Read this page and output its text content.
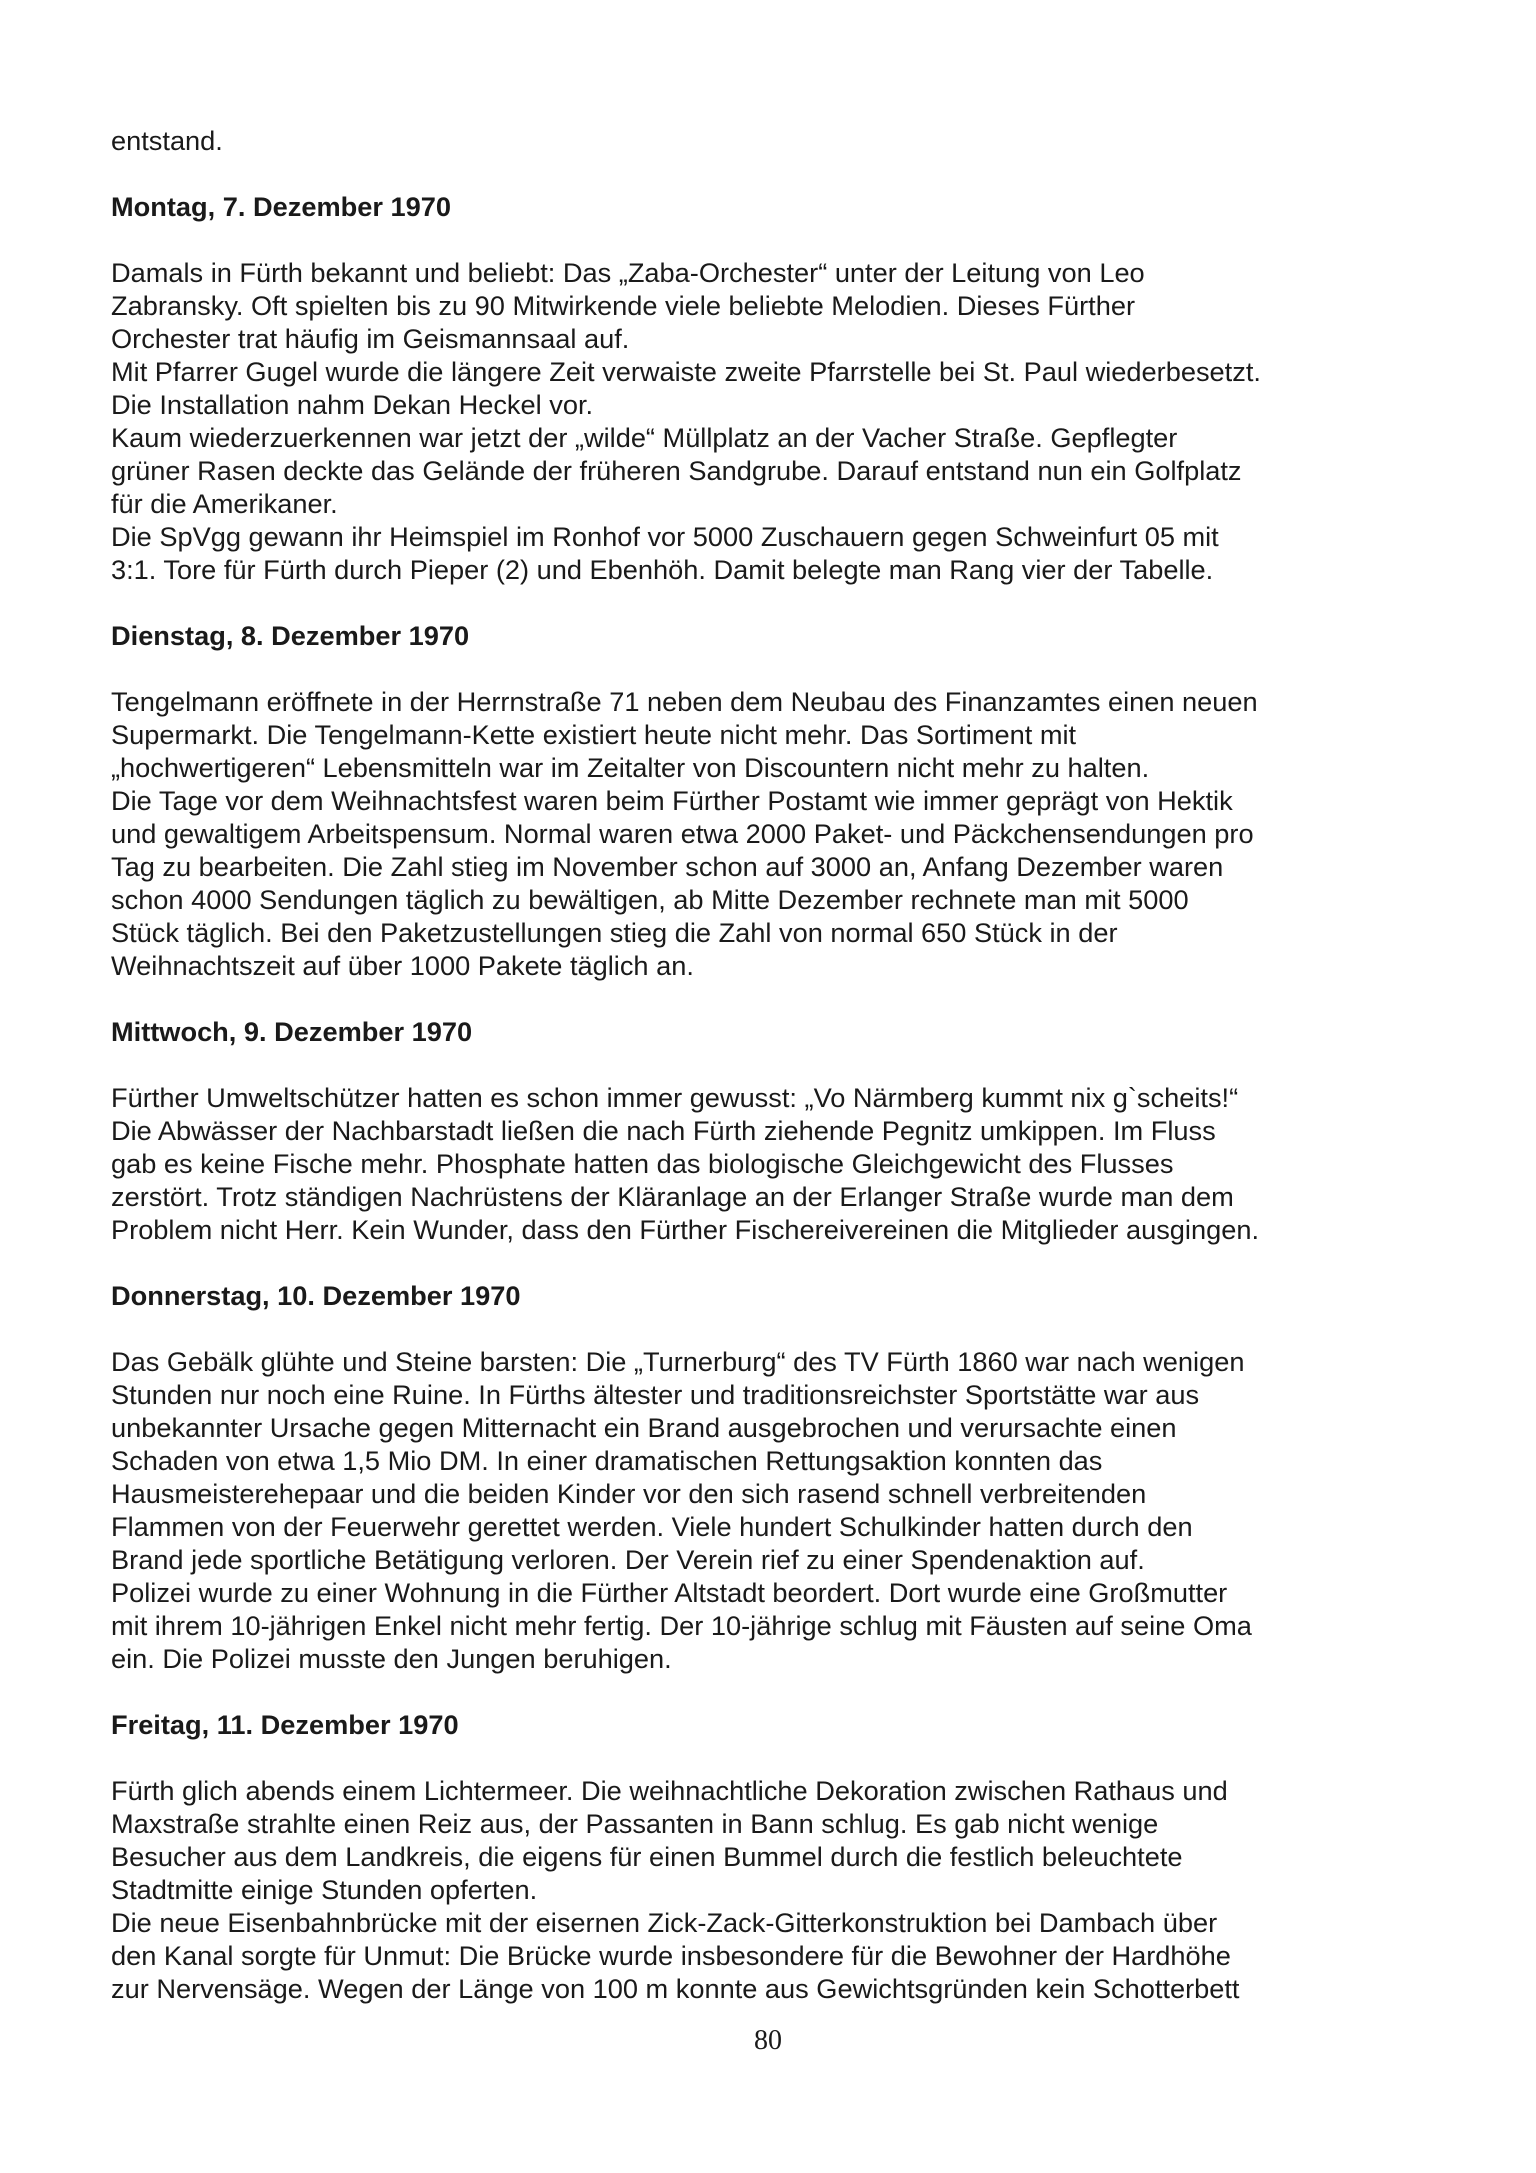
entstand.
Montag, 7. Dezember 1970
Damals in Fürth bekannt und beliebt: Das „Zaba-Orchester“ unter der Leitung von Leo
Zabransky. Oft spielten bis zu 90 Mitwirkende viele beliebte Melodien. Dieses Fürther
Orchester trat häufig im Geismannsaal auf.
Mit Pfarrer Gugel wurde die längere Zeit verwaiste zweite Pfarrstelle bei St. Paul wiederbesetzt.
Die Installation nahm Dekan Heckel vor.
Kaum wiederzuerkennen war jetzt der „wilde“ Müllplatz an der Vacher Straße. Gepflegter
grüner Rasen deckte das Gelände der früheren Sandgrube. Darauf entstand nun ein Golfplatz
für die Amerikaner.
Die SpVgg gewann ihr Heimspiel im Ronhof vor 5000 Zuschauern gegen Schweinfurt 05 mit
3:1. Tore für Fürth durch Pieper (2) und Ebenhöh. Damit belegte man Rang vier der Tabelle.
Dienstag, 8. Dezember 1970
Tengelmann eröffnete in der Herrnstraße 71 neben dem Neubau des Finanzamtes einen neuen
Supermarkt. Die Tengelmann-Kette existiert heute nicht mehr. Das Sortiment mit
„hochwertigeren“ Lebensmitteln war im Zeitalter von Discountern nicht mehr zu halten.
Die Tage vor dem Weihnachtsfest waren beim Fürther Postamt wie immer geprägt von Hektik
und gewaltigem Arbeitspensum. Normal waren etwa 2000 Paket- und Päckchensendungen pro
Tag zu bearbeiten. Die Zahl stieg im November schon auf 3000 an, Anfang Dezember waren
schon 4000 Sendungen täglich zu bewältigen, ab Mitte Dezember rechnete man mit 5000
Stück täglich. Bei den Paketzustellungen stieg die Zahl von normal 650 Stück in der
Weihnachtszeit auf über 1000 Pakete täglich an.
Mittwoch, 9. Dezember 1970
Fürther Umweltschützer hatten es schon immer gewusst: „Vo Närmberg kummt nix g`scheits!“
Die Abwässer der Nachbarstadt ließen die nach Fürth ziehende Pegnitz umkippen. Im Fluss
gab es keine Fische mehr. Phosphate hatten das biologische Gleichgewicht des Flusses
zerstört. Trotz ständigen Nachrüstens der Kläranlage an der Erlanger Straße wurde man dem
Problem nicht Herr. Kein Wunder, dass den Fürther Fischereivereinen die Mitglieder ausgingen.
Donnerstag, 10. Dezember 1970
Das Gebälk glühte und Steine barsten: Die „Turnerburg“ des TV Fürth 1860 war nach wenigen
Stunden nur noch eine Ruine. In Fürths ältester und traditionsreichster Sportstätte war aus
unbekannter Ursache gegen Mitternacht ein Brand ausgebrochen und verursachte einen
Schaden von etwa 1,5 Mio DM. In einer dramatischen Rettungsaktion konnten das
Hausmeisterehepaar und die beiden Kinder vor den sich rasend schnell verbreitenden
Flammen von der Feuerwehr gerettet werden. Viele hundert Schulkinder hatten durch den
Brand jede sportliche Betätigung verloren. Der Verein rief zu einer Spendenaktion auf.
Polizei wurde zu einer Wohnung in die Fürther Altstadt beordert. Dort wurde eine Großmutter
mit ihrem 10-jährigen Enkel nicht mehr fertig. Der 10-jährige schlug mit Fäusten auf seine Oma
ein. Die Polizei musste den Jungen beruhigen.
Freitag, 11. Dezember 1970
Fürth glich abends einem Lichtermeer. Die weihnachtliche Dekoration zwischen Rathaus und
Maxstraße strahlte einen Reiz aus, der Passanten in Bann schlug. Es gab nicht wenige
Besucher aus dem Landkreis, die eigens für einen Bummel durch die festlich beleuchtete
Stadtmitte einige Stunden opferten.
Die neue Eisenbahnbrücke mit der eisernen Zick-Zack-Gitterkonstruktion bei Dambach über
den Kanal sorgte für Unmut: Die Brücke wurde insbesondere für die Bewohner der Hardhöhe
zur Nervensäge. Wegen der Länge von 100 m konnte aus Gewichtsgründen kein Schotterbett
80
